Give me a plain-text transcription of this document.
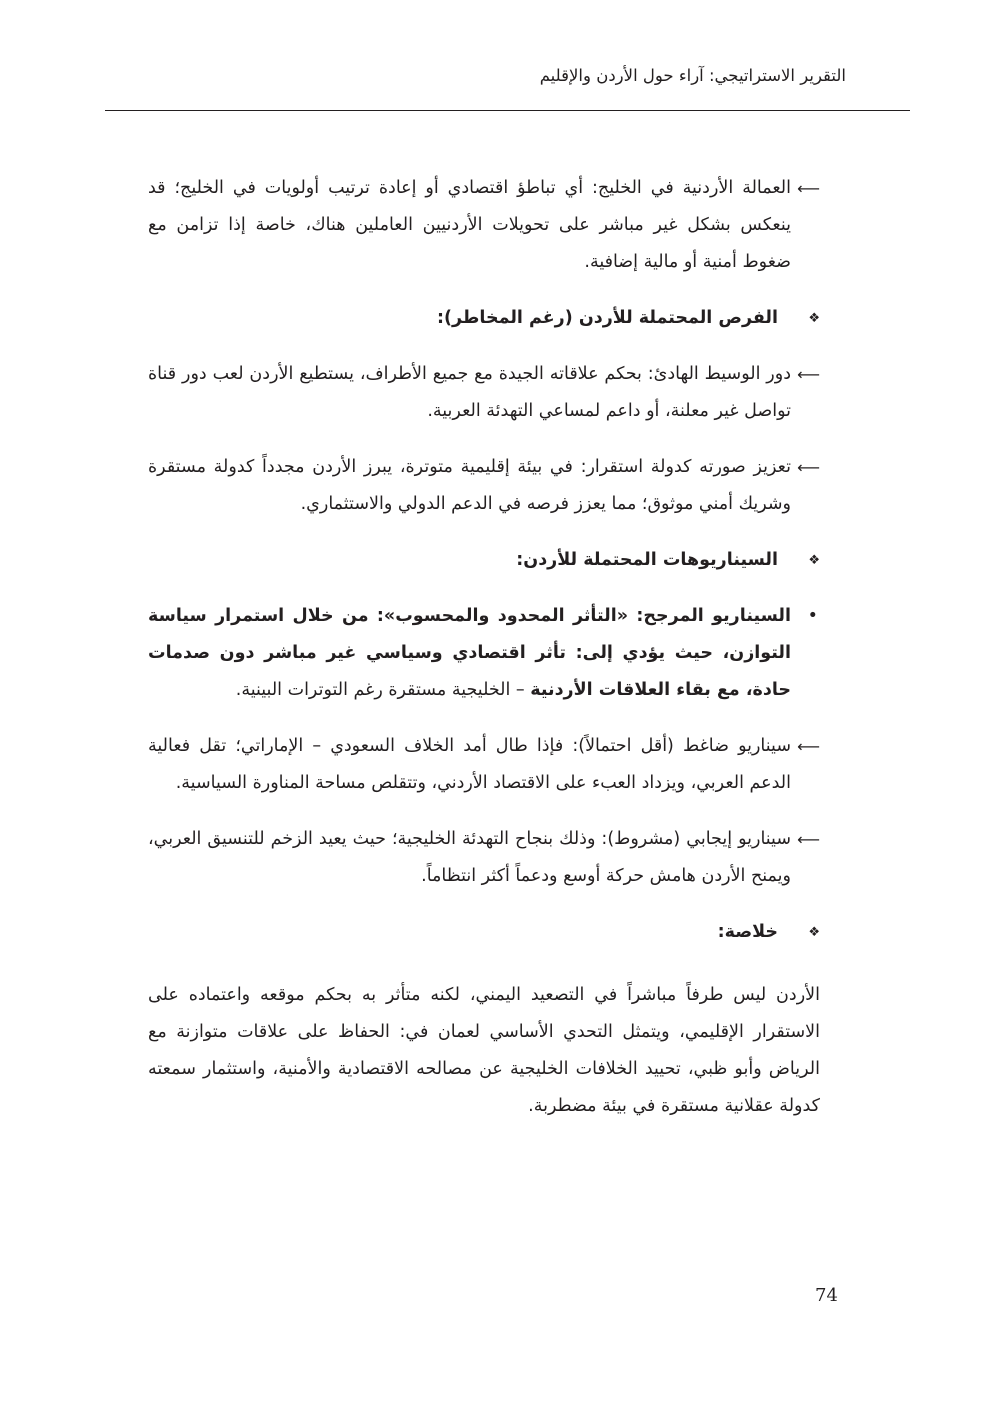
التقرير الاستراتيجي: آراء حول الأردن والإقليم

⟵
العمالة الأردنية في الخليج: أي تباطؤ اقتصادي أو إعادة ترتيب أولويات في الخليج؛ قد ينعكس بشكل غير مباشر على تحويلات الأردنيين العاملين هناك، خاصة إذا تزامن مع ضغوط أمنية أو مالية إضافية.

❖
الفرص المحتملة للأردن (رغم المخاطر):

⟵
دور الوسيط الهادئ: بحكم علاقاته الجيدة مع جميع الأطراف، يستطيع الأردن لعب دور قناة تواصل غير معلنة، أو داعم لمساعي التهدئة العربية.

⟵
تعزيز صورته كدولة استقرار: في بيئة إقليمية متوترة، يبرز الأردن مجدداً كدولة مستقرة وشريك أمني موثوق؛ مما يعزز فرصه في الدعم الدولي والاستثماري.

❖
السيناريوهات المحتملة للأردن:

•
السيناريو المرجح: «التأثر المحدود والمحسوب»: من خلال استمرار سياسة التوازن، حيث يؤدي إلى: تأثر اقتصادي وسياسي غير مباشر دون صدمات حادة، مع بقاء العلاقات الأردنية – الخليجية مستقرة رغم التوترات البينية.

⟵
سيناريو ضاغط (أقل احتمالاً): فإذا طال أمد الخلاف السعودي – الإماراتي؛ تقل فعالية الدعم العربي، ويزداد العبء على الاقتصاد الأردني، وتتقلص مساحة المناورة السياسية.

⟵
سيناريو إيجابي (مشروط): وذلك بنجاح التهدئة الخليجية؛ حيث يعيد الزخم للتنسيق العربي، ويمنح الأردن هامش حركة أوسع ودعماً أكثر انتظاماً.

❖
خلاصة:

الأردن ليس طرفاً مباشراً في التصعيد اليمني، لكنه متأثر به بحكم موقعه واعتماده على الاستقرار الإقليمي، ويتمثل التحدي الأساسي لعمان في: الحفاظ على علاقات متوازنة مع الرياض وأبو ظبي، تحييد الخلافات الخليجية عن مصالحه الاقتصادية والأمنية، واستثمار سمعته كدولة عقلانية مستقرة في بيئة مضطربة.

74
